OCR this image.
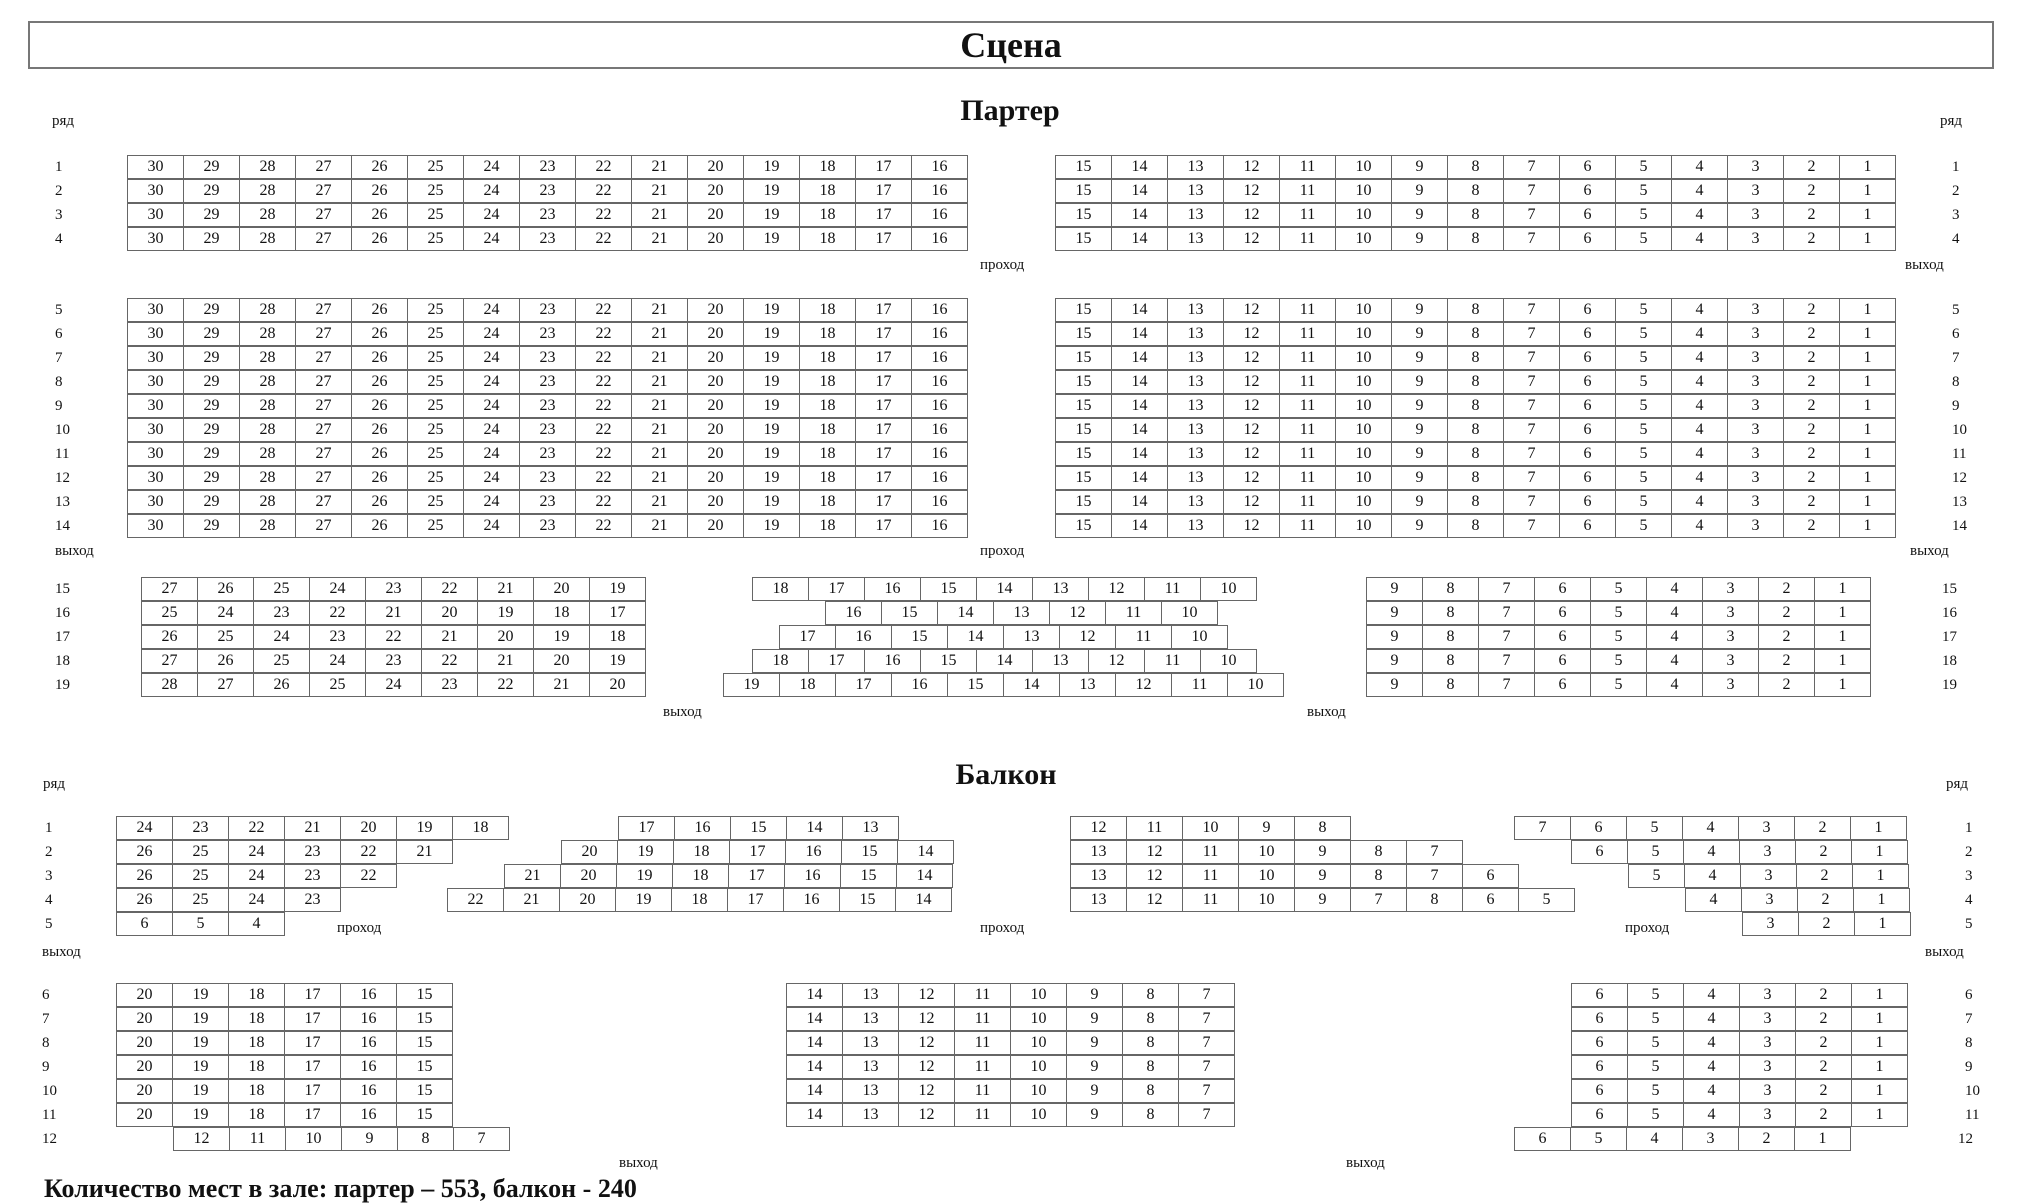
Сцена
Партер
Балкон
Количество мест в зале: партер – 553, балкон - 240
30	29	28	27	26	25	24	23	22	21	20	19	18	17	16	15	14	13	12	11	10	9	8	7	6	5	4	3	2	1
1	1
30	29	28	27	26	25	24	23	22	21	20	19	18	17	16	15	14	13	12	11	10	9	8	7	6	5	4	3	2	1
2	2
30	29	28	27	26	25	24	23	22	21	20	19	18	17	16	15	14	13	12	11	10	9	8	7	6	5	4	3	2	1
3	3
30	29	28	27	26	25	24	23	22	21	20	19	18	17	16	15	14	13	12	11	10	9	8	7	6	5	4	3	2	1
4	4
30	29	28	27	26	25	24	23	22	21	20	19	18	17	16	15	14	13	12	11	10	9	8	7	6	5	4	3	2	1
5	5
30	29	28	27	26	25	24	23	22	21	20	19	18	17	16	15	14	13	12	11	10	9	8	7	6	5	4	3	2	1
6	6
30	29	28	27	26	25	24	23	22	21	20	19	18	17	16	15	14	13	12	11	10	9	8	7	6	5	4	3	2	1
7	7
30	29	28	27	26	25	24	23	22	21	20	19	18	17	16	15	14	13	12	11	10	9	8	7	6	5	4	3	2	1
8	8
30	29	28	27	26	25	24	23	22	21	20	19	18	17	16	15	14	13	12	11	10	9	8	7	6	5	4	3	2	1
9	9
30	29	28	27	26	25	24	23	22	21	20	19	18	17	16	15	14	13	12	11	10	9	8	7	6	5	4	3	2	1
10	10
30	29	28	27	26	25	24	23	22	21	20	19	18	17	16	15	14	13	12	11	10	9	8	7	6	5	4	3	2	1
11	11
30	29	28	27	26	25	24	23	22	21	20	19	18	17	16	15	14	13	12	11	10	9	8	7	6	5	4	3	2	1
12	12
30	29	28	27	26	25	24	23	22	21	20	19	18	17	16	15	14	13	12	11	10	9	8	7	6	5	4	3	2	1
13	13
30	29	28	27	26	25	24	23	22	21	20	19	18	17	16	15	14	13	12	11	10	9	8	7	6	5	4	3	2	1
14	14
27	26	25	24	23	22	21	20	19	18	17	16	15	14	13	12	11	10	9	8	7	6	5	4	3	2	1
15	15
25	24	23	22	21	20	19	18	17	16	15	14	13	12	11	10	9	8	7	6	5	4	3	2	1
16	16
26	25	24	23	22	21	20	19	18	17	16	15	14	13	12	11	10	9	8	7	6	5	4	3	2	1
17	17
27	26	25	24	23	22	21	20	19	18	17	16	15	14	13	12	11	10	9	8	7	6	5	4	3	2	1
18	18
28	27	26	25	24	23	22	21	20	19	18	17	16	15	14	13	12	11	10	9	8	7	6	5	4	3	2	1
19	19
ряд	ряд
проход	выход
выход	проход	выход
выход	выход
24	23	22	21	20	19	18	17	16	15	14	13	12	11	10	9	8	7	6	5	4	3	2	1
1	1
26	25	24	23	22	21	20	19	18	17	16	15	14	13	12	11	10	9	8	7	6	5	4	3	2	1
2	2
26	25	24	23	22	21	20	19	18	17	16	15	14	13	12	11	10	9	8	7	6	5	4	3	2	1
3	3
26	25	24	23	22	21	20	19	18	17	16	15	14	13	12	11	10	9	7	8	6	5	4	3	2	1
4	4
6	5	4	3	2	1
5	5
ряд	ряд
проход	проход	проход
выход	выход
20	19	18	17	16	15	14	13	12	11	10	9	8	7	6	5	4	3	2	1
6	6
20	19	18	17	16	15	14	13	12	11	10	9	8	7	6	5	4	3	2	1
7	7
20	19	18	17	16	15	14	13	12	11	10	9	8	7	6	5	4	3	2	1
8	8
20	19	18	17	16	15	14	13	12	11	10	9	8	7	6	5	4	3	2	1
9	9
20	19	18	17	16	15	14	13	12	11	10	9	8	7	6	5	4	3	2	1
10	10
20	19	18	17	16	15	14	13	12	11	10	9	8	7	6	5	4	3	2	1
11	11
12	11	10	9	8	7	6	5	4	3	2	1
12	12
выход	выход
